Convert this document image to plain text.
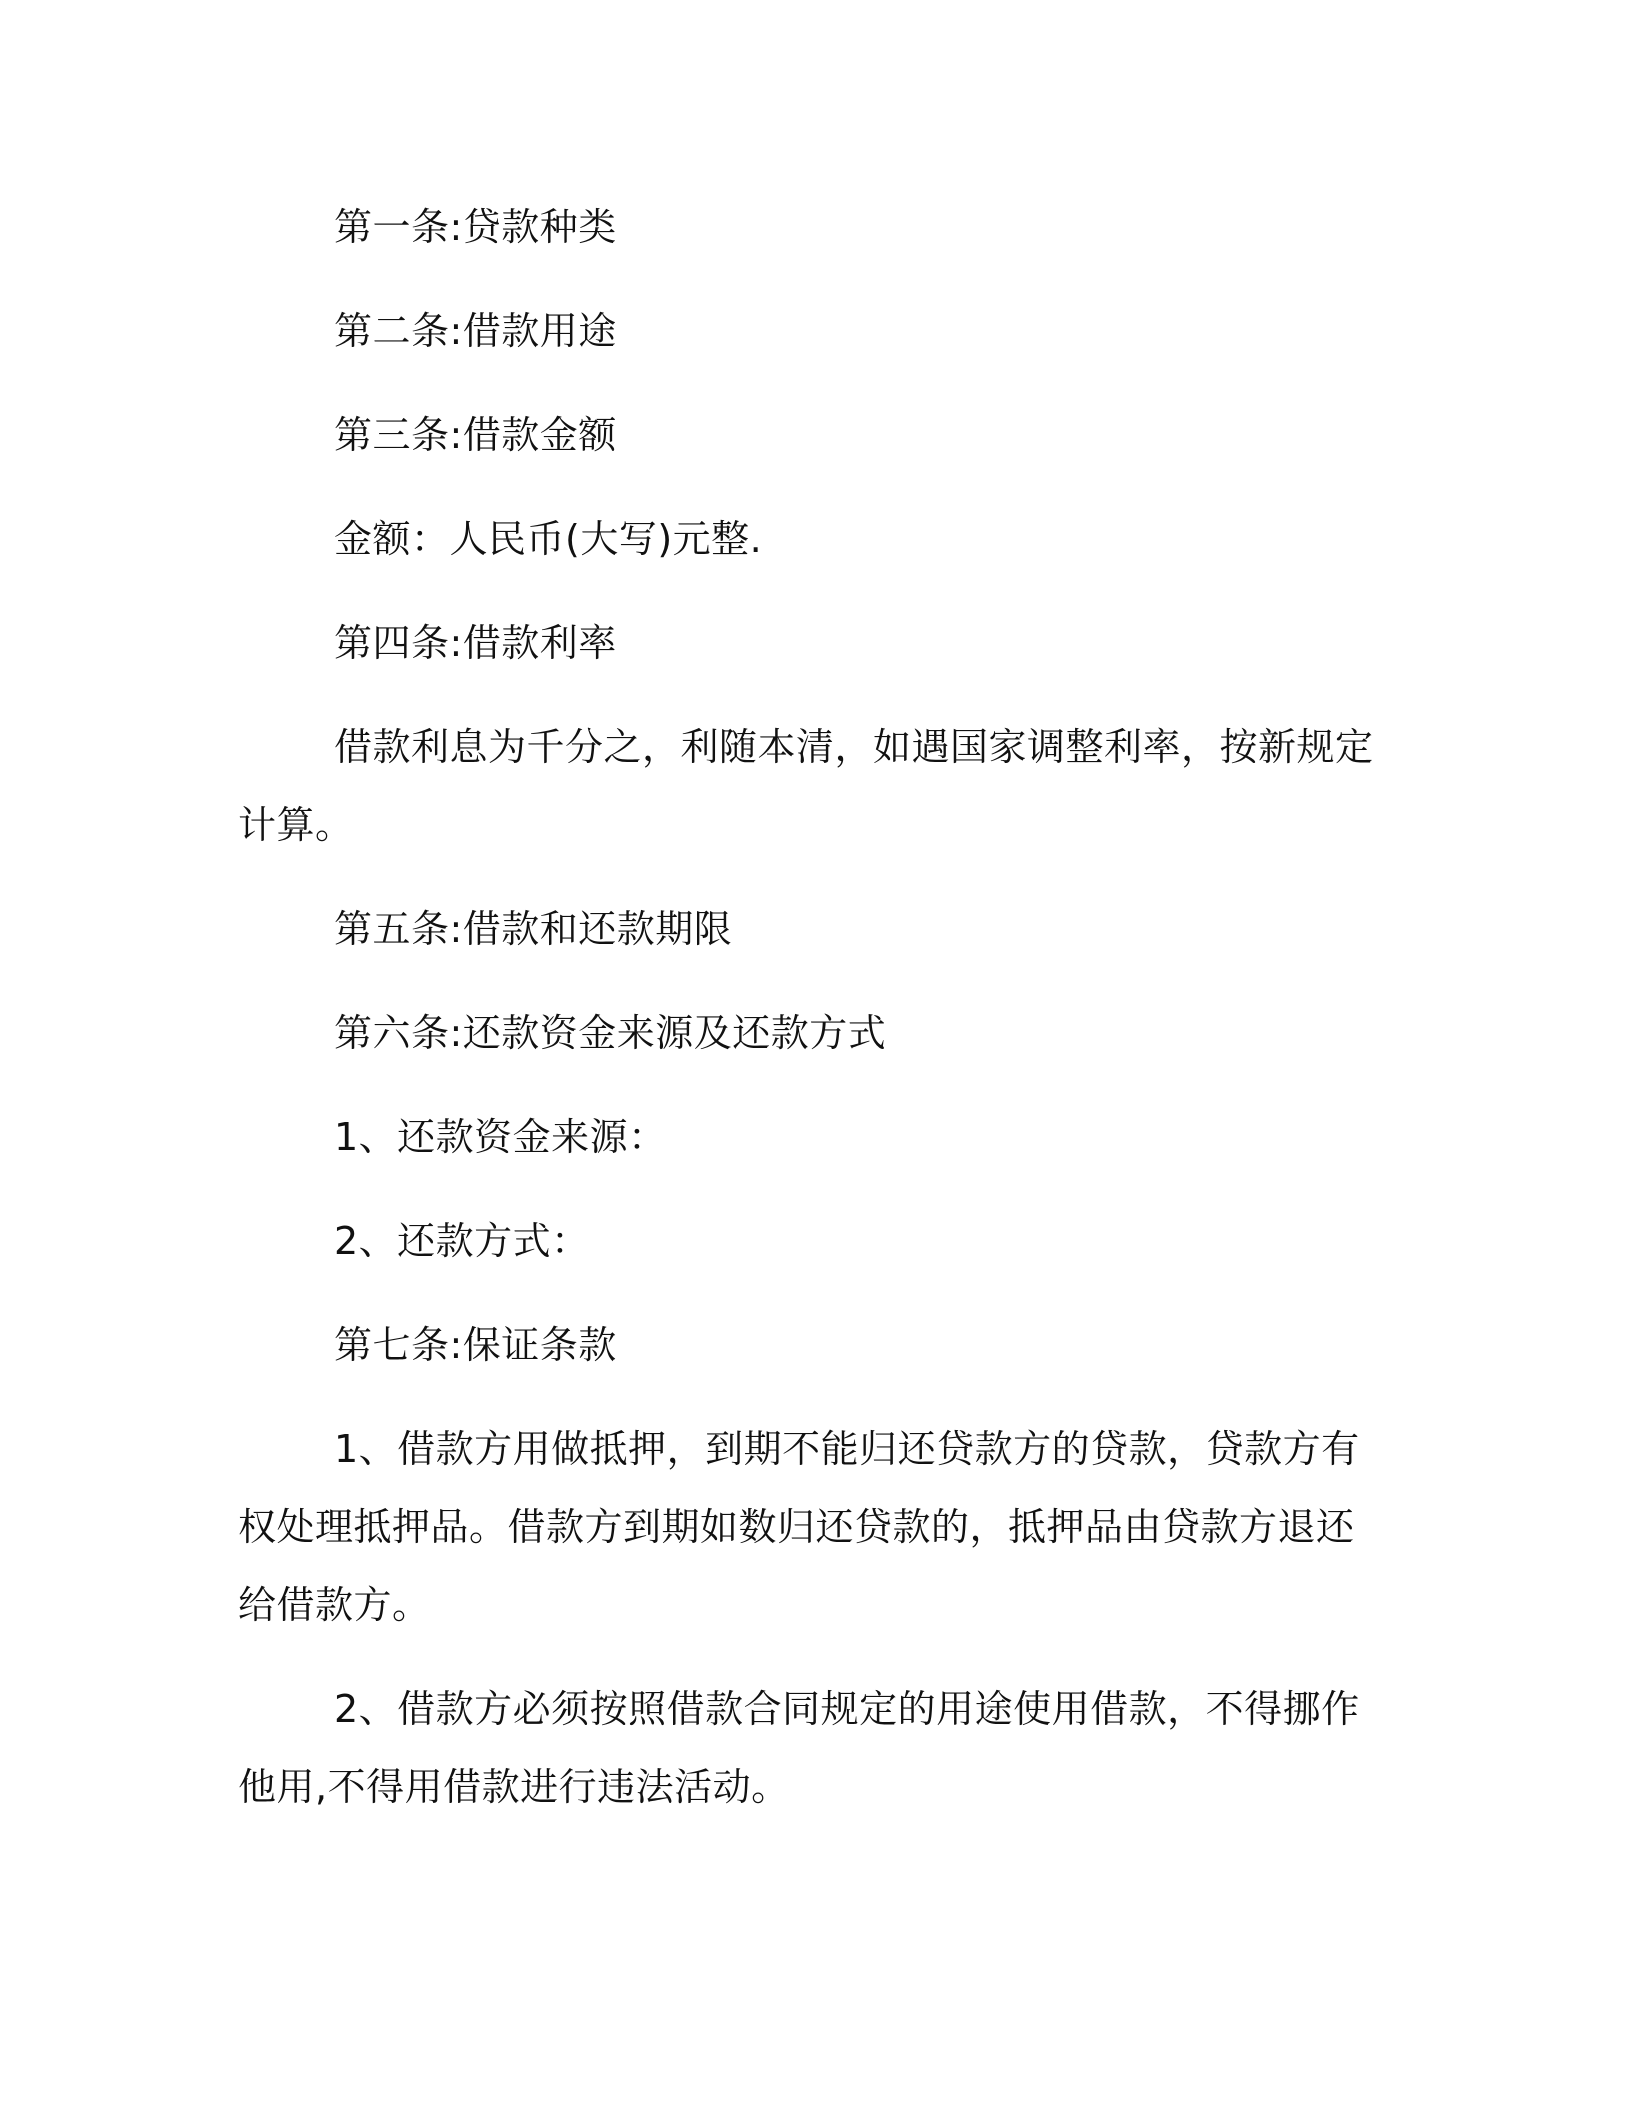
第一条:贷款种类

第二条:借款用途

第三条:借款金额

金额：人民币(大写)元整.

第四条:借款利率

借款利息为千分之，利随本清，如遇国家调整利率，按新规定计算。

第五条:借款和还款期限

第六条:还款资金来源及还款方式

1、还款资金来源：

2、还款方式：

第七条:保证条款

1、借款方用做抵押，到期不能归还贷款方的贷款，贷款方有权处理抵押品。借款方到期如数归还贷款的，抵押品由贷款方退还给借款方。

2、借款方必须按照借款合同规定的用途使用借款，不得挪作他用,不得用借款进行违法活动。
